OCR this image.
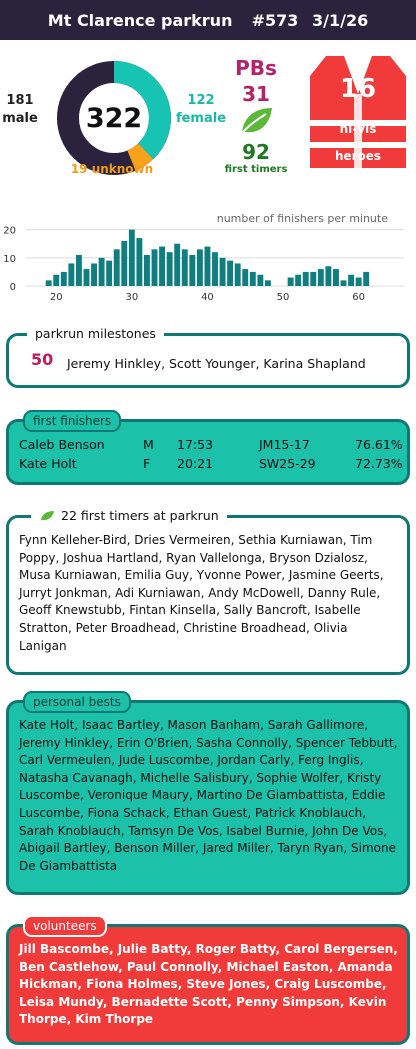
Mt Clarence parkrun
#573
3/1/26
181
male	322
122
female
19 unknown
PBs
31
92
first timers
16
hi-vis
heroes
number of finishers per minute
20	30	40	50	60
0
10
20
parkrun milestones
50 Jeremy Hinkley, Scott Younger, Karina Shapland
first finishers
Caleb Benson	M	17:53	JM15-17	76.61%
Kate Holt	F	20:21	SW25-29	72.73%
22 first timers at parkrun
Fynn Kelleher-Bird, Dries Vermeiren, Sethia Kurniawan, Tim Poppy, Joshua Hartland, Ryan Vallelonga, Bryson Dzialosz, Musa Kurniawan, Emilia Guy, Yvonne Power, Jasmine Geerts, Jurryt Jonkman, Adi Kurniawan, Andy McDowell, Danny Rule, Geoff Knewstubb, Fintan Kinsella, Sally Bancroft, Isabelle Stratton, Peter Broadhead, Christine Broadhead, Olivia Lanigan
personal bests
Kate Holt, Isaac Bartley, Mason Banham, Sarah Gallimore, Jeremy Hinkley, Erin O'Brien, Sasha Connolly, Spencer Tebbutt, Carl Vermeulen, Jude Luscombe, Jordan Carly, Ferg Inglis, Natasha Cavanagh, Michelle Salisbury, Sophie Wolfer, Kristy Luscombe, Veronique Maury, Martino De Giambattista, Eddie Luscombe, Fiona Schack, Ethan Guest, Patrick Knoblauch, Sarah Knoblauch, Tamsyn De Vos, Isabel Burnie, John De Vos, Abigail Bartley, Benson Miller, Jared Miller, Taryn Ryan, Simone De Giambattista
volunteers
Jill Bascombe, Julie Batty, Roger Batty, Carol Bergersen, Ben Castlehow, Paul Connolly, Michael Easton, Amanda Hickman, Fiona Holmes, Steve Jones, Craig Luscombe, Leisa Mundy, Bernadette Scott, Penny Simpson, Kevin Thorpe, Kim Thorpe
